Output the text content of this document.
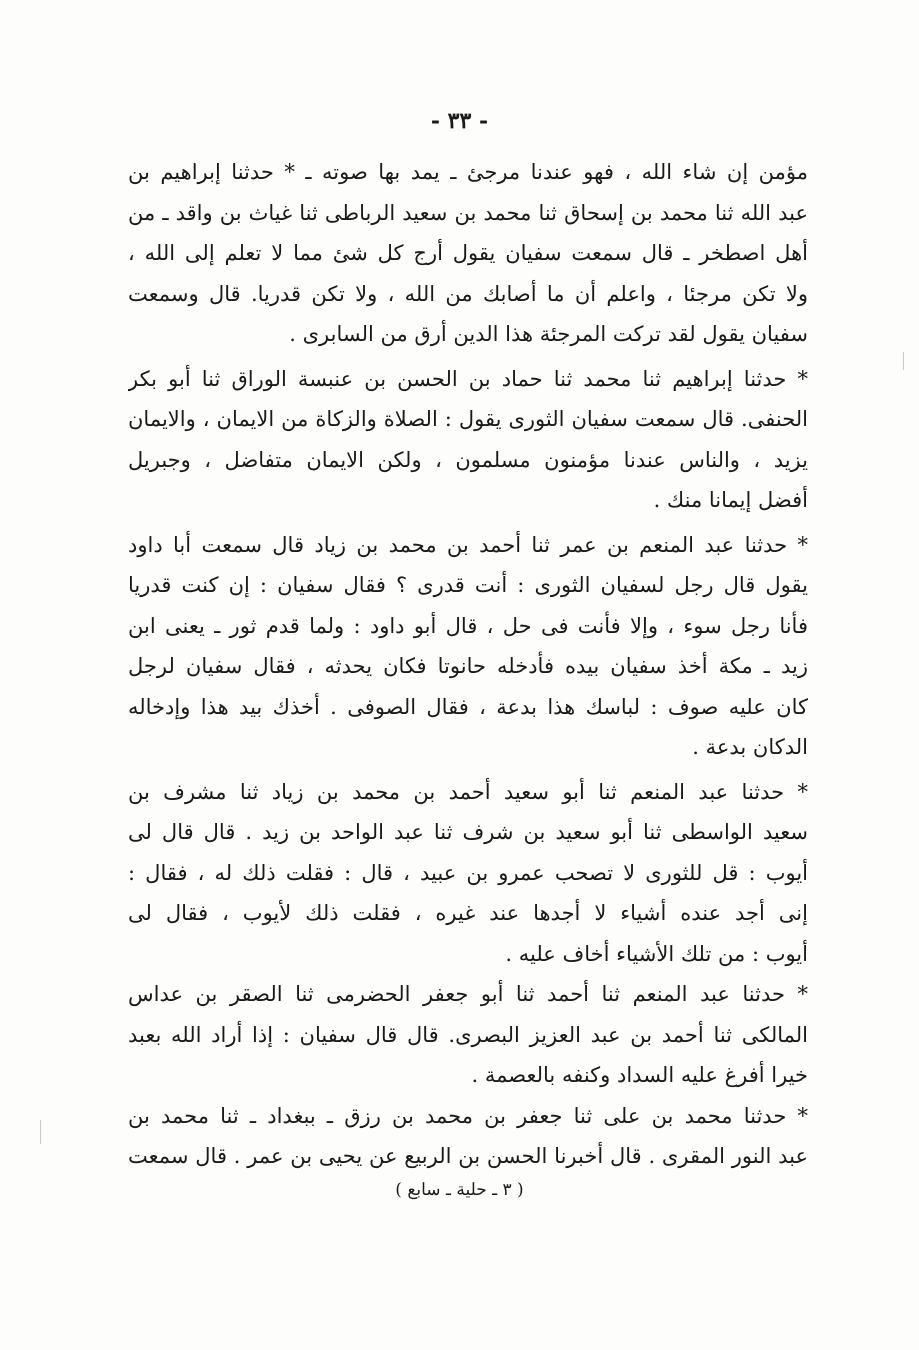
- ٣٣ -
مؤمن إن شاء الله ، فهو عندنا مرجئ ـ يمد بها صوته ـ * حدثنا إبراهيم بن
عبد الله ثنا محمد بن إسحاق ثنا محمد بن سعيد الرباطى ثنا غياث بن واقد ـ من
أهل اصطخر ـ قال سمعت سفيان يقول أرج كل شئ مما لا تعلم إلى الله ،
ولا تكن مرجئا ، واعلم أن ما أصابك من الله ، ولا تكن قدريا. قال وسمعت
سفيان يقول لقد تركت المرجئة هذا الدين أرق من السابرى .
* حدثنا إبراهيم ثنا محمد ثنا حماد بن الحسن بن عنبسة الوراق ثنا أبو بكر
الحنفى. قال سمعت سفيان الثورى يقول : الصلاة والزكاة من الايمان ، والايمان
يزيد ، والناس عندنا مؤمنون مسلمون ، ولكن الايمان متفاضل ، وجبريل
أفضل إيمانا منك .
* حدثنا عبد المنعم بن عمر ثنا أحمد بن محمد بن زياد قال سمعت أبا داود
يقول قال رجل لسفيان الثورى : أنت قدرى ؟ فقال سفيان : إن كنت قدريا
فأنا رجل سوء ، وإلا فأنت فى حل ، قال أبو داود : ولما قدم ثور ـ يعنى ابن
زيد ـ مكة أخذ سفيان بيده فأدخله حانوتا فكان يحدثه ، فقال سفيان لرجل
كان عليه صوف : لباسك هذا بدعة ، فقال الصوفى . أخذك بيد هذا وإدخاله
الدكان بدعة .
* حدثنا عبد المنعم ثنا أبو سعيد أحمد بن محمد بن زياد ثنا مشرف بن
سعيد الواسطى ثنا أبو سعيد بن شرف ثنا عبد الواحد بن زيد . قال قال لى
أيوب : قل للثورى لا تصحب عمرو بن عبيد ، قال : فقلت ذلك له ، فقال :
إنى أجد عنده أشياء لا أجدها عند غيره ، فقلت ذلك لأيوب ، فقال لى
أيوب : من تلك الأشياء أخاف عليه .
* حدثنا عبد المنعم ثنا أحمد ثنا أبو جعفر الحضرمى ثنا الصقر بن عداس
المالكى ثنا أحمد بن عبد العزيز البصرى. قال قال سفيان : إذا أراد الله بعبد
خيرا أفرغ عليه السداد وكنفه بالعصمة .
* حدثنا محمد بن على ثنا جعفر بن محمد بن رزق ـ ببغداد ـ ثنا محمد بن
عبد النور المقرى . قال أخبرنا الحسن بن الربيع عن يحيى بن عمر . قال سمعت
( ٣ ـ حلية ـ سابع )
